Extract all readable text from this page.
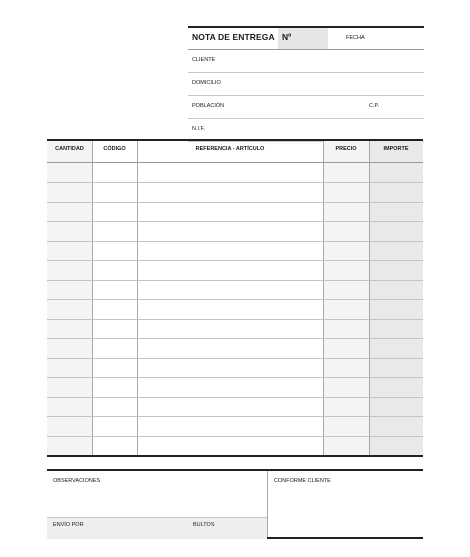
NOTA DE ENTREGA Nº	FECHA
CLIENTE
DOMICILIO
POBLACIÓN	C.P.
N.I.F.
CANTIDAD	CÓDIGO	REFERENCIA - ARTÍCULO	PRECIO	IMPORTE
OBSERVACIONES	CONFORME CLIENTE
ENVÍO POR	BULTOS
